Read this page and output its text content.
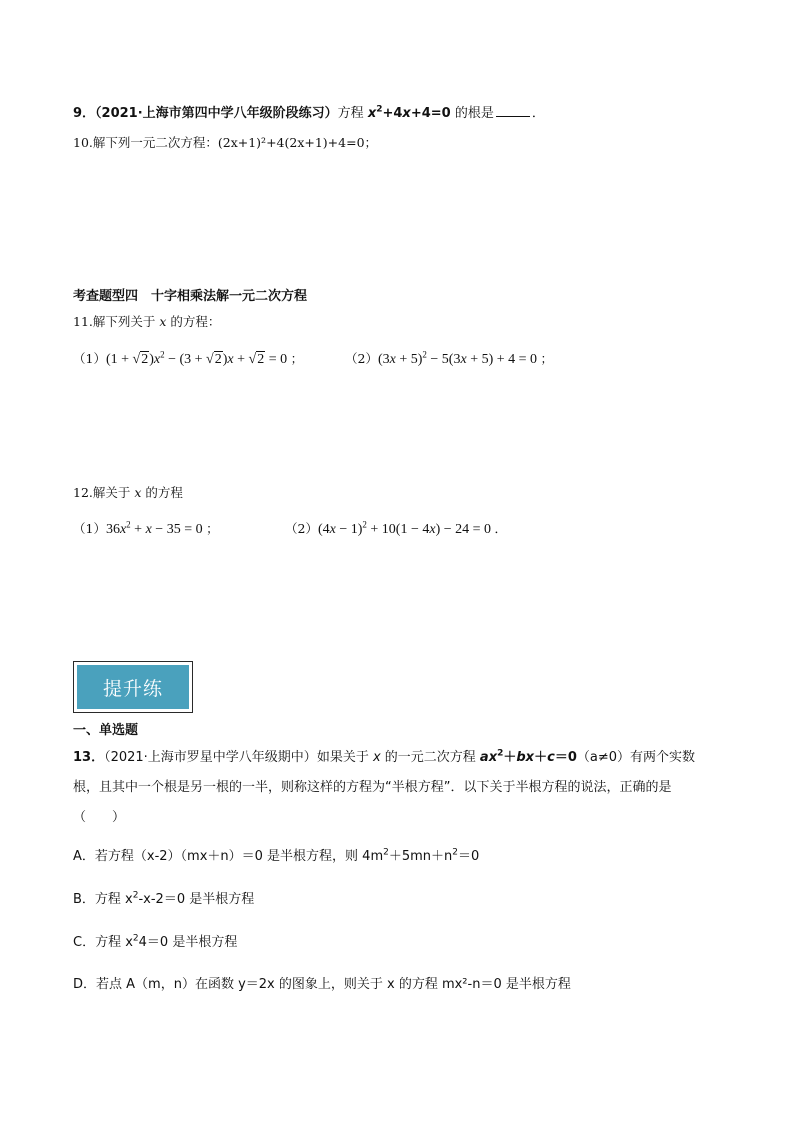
9．（2021·上海市第四中学八年级阶段练习）方程 $x^2+4x+4=0$ 的根是	．
10.解下列一元二次方程：(2x+1)²+4(2x+1)+4=0；
考查题型四　十字相乘法解一元二次方程
11.解下列关于 x 的方程：
$(1)(1 + √2)x^2 - (3 + √2)x + √2 = 0$ ；	$(2)(3x + 5)^2 - 5(3x + 5) + 4 = 0$ ；
12.解关于 x 的方程
$(1)36x^2 + x - 35 = 0$ ；	$(2)(4x - 1)^2 + 10(1 - 4x) - 24 = 0$ ．
提升练
一、单选题
13．（2021·上海市罗星中学八年级期中）如果关于 x 的一元二次方程 $ax^2+bx+c=0(a\ne 0)$有两个实数
根，且其中一个根是另一根的一半，则称这样的方程为“半根方程”．以下关于半根方程的说法，正确的是
（　　）
A．若方程（x-2）（mx＋n）＝0 是半根方程，则 $4m^2+5mn+n^2=0$
B．方程 $x^2-x-2=0$ 是半根方程
C．方程 $x^24=0$ 是半根方程
D．若点 A（m，n）在函数 y＝2x 的图象上，则关于 x 的方程 mx²-n＝0 是半根方程
